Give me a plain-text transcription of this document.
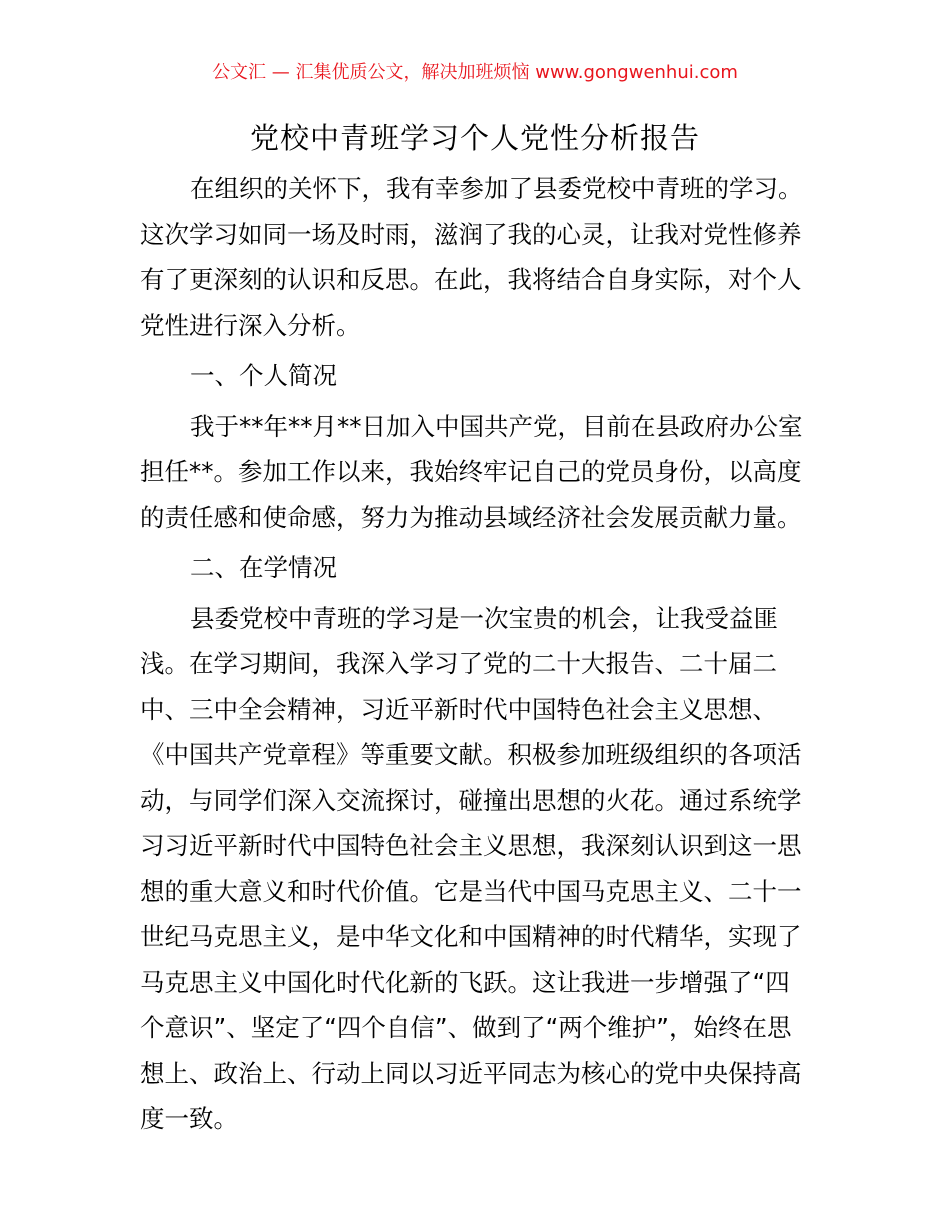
公文汇 — 汇集优质公文，解决加班烦恼 www.gongwenhui.com
党校中青班学习个人党性分析报告
在组织的关怀下，我有幸参加了县委党校中青班的学习。
这次学习如同一场及时雨，滋润了我的心灵，让我对党性修养
有了更深刻的认识和反思。在此，我将结合自身实际，对个人
党性进行深入分析。
一、个人简况
我于**年**月**日加入中国共产党，目前在县政府办公室
担任**。参加工作以来，我始终牢记自己的党员身份，以高度
的责任感和使命感，努力为推动县域经济社会发展贡献力量。
二、在学情况
县委党校中青班的学习是一次宝贵的机会，让我受益匪
浅。在学习期间，我深入学习了党的二十大报告、二十届二
中、三中全会精神，习近平新时代中国特色社会主义思想、
《中国共产党章程》等重要文献。积极参加班级组织的各项活
动，与同学们深入交流探讨，碰撞出思想的火花。通过系统学
习习近平新时代中国特色社会主义思想，我深刻认识到这一思
想的重大意义和时代价值。它是当代中国马克思主义、二十一
世纪马克思主义，是中华文化和中国精神的时代精华，实现了
马克思主义中国化时代化新的飞跃。这让我进一步增强了“四
个意识”、坚定了“四个自信”、做到了“两个维护”，始终在思
想上、政治上、行动上同以习近平同志为核心的党中央保持高
度一致。
